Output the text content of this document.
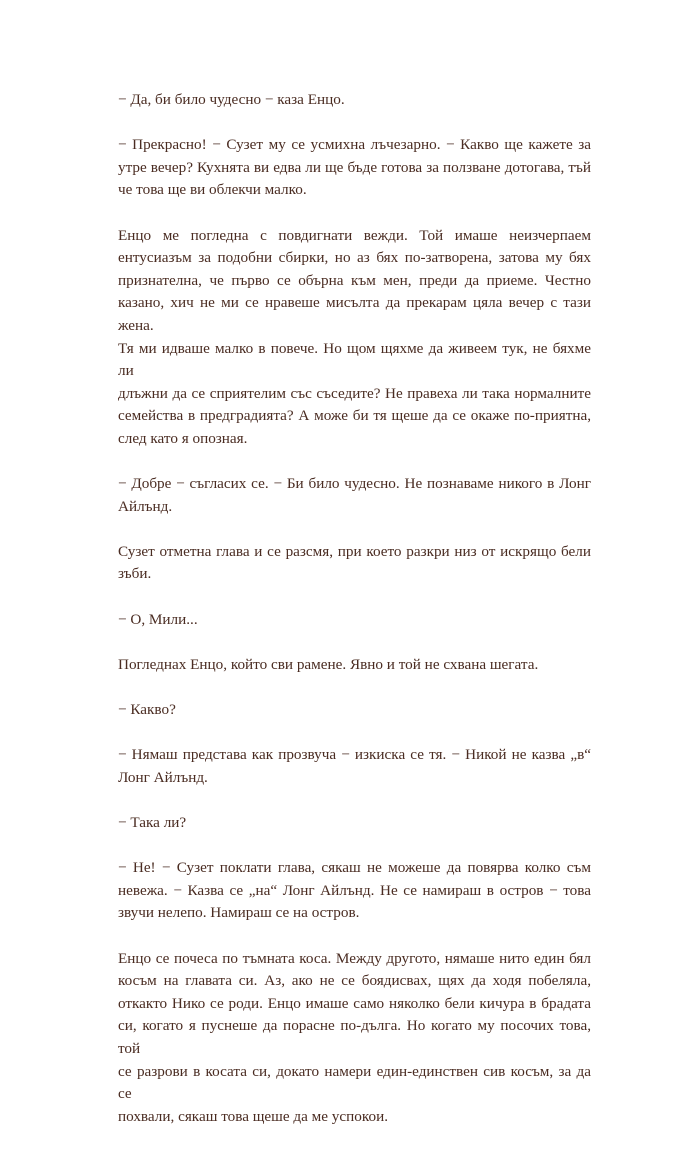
− Да, би било чудесно − каза Енцо.

− Прекрасно! − Сузет му се усмихна лъчезарно. − Какво ще кажете за
утре вечер? Кухнята ви едва ли ще бъде готова за ползване дотогава, тъй
че това ще ви облекчи малко.

Енцо ме погледна с повдигнати вежди. Той имаше неизчерпаем
ентусиазъм за подобни сбирки, но аз бях по-затворена, затова му бях
признателна, че първо се обърна към мен, преди да приеме. Честно
казано, хич не ми се нравеше мисълта да прекарам цяла вечер с тази жена.
Тя ми идваше малко в повече. Но щом щяхме да живеем тук, не бяхме ли
длъжни да се сприятелим със съседите? Не правеха ли така нормалните
семейства в предградията? А може би тя щеше да се окаже по-приятна,
след като я опозная.

− Добре − съгласих се. − Би било чудесно. Не познаваме никого в Лонг
Айлънд.

Сузет отметна глава и се разсмя, при което разкри низ от искрящо бели
зъби.

− О, Мили...

Погледнах Енцо, който сви рамене. Явно и той не схвана шегата.

− Какво?

− Нямаш представа как прозвуча − изкиска се тя. − Никой не казва „в“
Лонг Айлънд.

− Така ли?

− Не! − Сузет поклати глава, сякаш не можеше да повярва колко съм
невежа. − Казва се „на“ Лонг Айлънд. Не се намираш в остров − това
звучи нелепо. Намираш се на остров.

Енцо се почеса по тъмната коса. Между другото, нямаше нито един бял
косъм на главата си. Аз, ако не се боядисвах, щях да ходя побеляла,
откакто Нико се роди. Енцо имаше само няколко бели кичура в брадата
си, когато я пуснеше да порасне по-дълга. Но когато му посочих това, той
се разрови в косата си, докато намери един-единствен сив косъм, за да се
похвали, сякаш това щеше да ме успокои.
